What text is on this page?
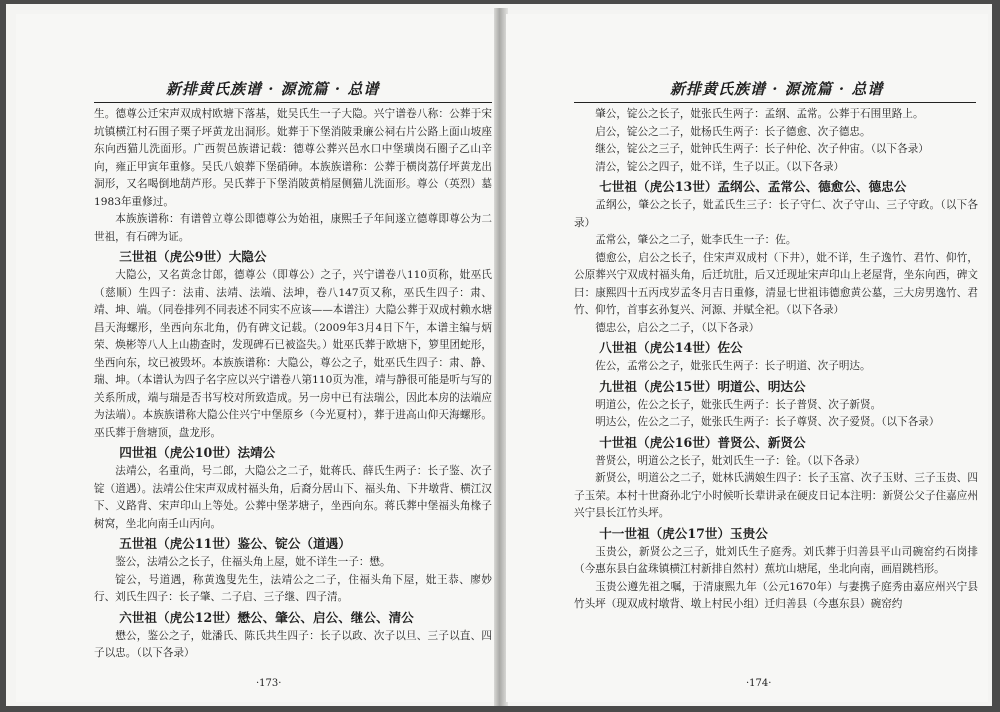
新排黄氏族谱 · 源流篇 · 总谱

生。德尊公迁宋声双成村欧塘下落基，妣吴氏生一子大隐。兴宁谱卷八称：公葬于宋坑镇横江村石围子栗子坪黄龙出洞形。妣葬于下堡消陂秉廉公祠右片公路上面山坡座东向西猫儿洗面形。广西贺邑族谱记载：德尊公葬兴邑水口中堡璜岗石圈子乙山辛向，雍正甲寅年重修。吴氏八娘葬下堡硝砷。本族族谱称：公葬于横岗荔仔坪黄龙出洞形，又名喝倒地葫芦形。吴氏葬于下堡消陂黄梢屋侧猫儿洗面形。尊公（英烈）墓1983年重修过。

本族族谱称：有谱曾立尊公即德尊公为始祖，康熙壬子年间遂立德尊即尊公为二世祖，有石碑为证。

三世祖（虎公9世）大隐公

大隐公，又名黄念廿郎，德尊公（即尊公）之子，兴宁谱卷八110页称，妣巫氏（慈顺）生四子：法甫、法靖、法端、法坤，卷八147页又称，巫氏生四子：肃、靖、坤、端。（同卷排列不同表述不同实不应该——本谱注）大隐公葬于双成村赖水塘昌天海螺形，坐西向东北角，仍有碑文记载。（2009年3月4日下午，本谱主编与炳荣、焕彬等八人上山勘查时，发现碑石已被盗失。）妣巫氏葬于欧塘下，箩里团蛇形，坐西向东，坟已被毁坏。本族族谱称：大隐公，尊公之子，妣巫氏生四子：肃、静、瑞、坤。（本谱认为四子名字应以兴宁谱卷八第110页为准，靖与静很可能是听与写的关系所成，端与瑞是否书写校对所致造成。另一房中已有法瑞公，因此本房的法端应为法端）。本族族谱称大隐公住兴宁中堡原乡（今光夏村），葬于进高山仰天海螺形。巫氏葬于詹塘顶，盘龙形。

四世祖（虎公10世）法靖公

法靖公，名重尚，号二郎，大隐公之二子，妣蒋氏、薛氏生两子：长子鉴、次子锭（道遇）。法靖公住宋声双成村福头角，后裔分居山下、福头角、下井墩背、横江汉下、义路背、宋声印山上等处。公葬中堡茅塘子，坐西向东。蒋氏葬中堡福头角椽子树窝，坐北向南壬山丙向。

五世祖（虎公11世）鉴公、锭公（道遇）

鉴公，法靖公之长子，住福头角上屋，妣不详生一子：懋。

锭公，号道遇，称黄逸叟先生，法靖公之二子，住福头角下屋，妣王恭、廖妙行、刘氏生四子：长子肇、二子启、三子继、四子清。

六世祖（虎公12世）懋公、肇公、启公、继公、清公

懋公，鉴公之子，妣潘氏、陈氏共生四子：长子以政、次子以旦、三子以直、四子以忠。（以下各录）

·173·
新排黄氏族谱 · 源流篇 · 总谱

肇公，锭公之长子，妣张氏生两子：孟纲、孟常。公葬于石围里路上。

启公，锭公之二子，妣杨氏生两子：长子德愈、次子德忠。

继公，锭公之三子，妣钟氏生两子：长子仲伦、次子仲宙。（以下各录）

清公，锭公之四子，妣不详，生子以正。（以下各录）

七世祖（虎公13世）孟纲公、孟常公、德愈公、德忠公

孟纲公，肇公之长子，妣孟氏生三子：长子守仁、次子守山、三子守政。（以下各录）

孟常公，肇公之二子，妣李氏生一子：佐。

德愈公，启公之长子，住宋声双成村（下井），妣不详，生子逸竹、君竹、仰竹，公原葬兴宁双成村福头角，后迁坑肚，后又迁现址宋声印山上老屋背，坐东向西，碑文曰：康熙四十五丙戌岁孟冬月吉日重修，清显七世祖讳德愈黄公墓，三大房男逸竹、君竹、仰竹，首事玄孙复兴、河源、并赋全祀。（以下各录）

德忠公，启公之二子，（以下各录）

八世祖（虎公14世）佐公

佐公，孟常公之子，妣张氏生两子：长子明道、次子明达。

九世祖（虎公15世）明道公、明达公

明道公，佐公之长子，妣张氏生两子：长子普贤、次子新贤。

明达公，佐公之二子，妣张氏生两子：长子尊贤、次子爱贤。（以下各录）

十世祖（虎公16世）普贤公、新贤公

普贤公，明道公之长子，妣刘氏生一子：铨。（以下各录）

新贤公，明道公之二子，妣林氏满娘生四子：长子玉富、次子玉财、三子玉贵、四子玉荣。本村十世裔孙北宁小时候听长辈讲录在硬皮日记本注明：新贤公父子住嘉应州兴宁县长江竹头坪。

十一世祖（虎公17世）玉贵公

玉贵公，新贤公之三子，妣刘氏生子庭秀。刘氏葬于归善县平山司碗窑约石岗排（今惠东县白盆珠镇横江村新排自然村）蕉坑山塘尾，坐北向南，画眉跳档形。

玉贵公遵先祖之嘱，于清康熙九年（公元1670年）与妻携子庭秀由嘉应州兴宁县竹头坪（现双成村墩背、墩上村民小组）迁归善县（今惠东县）碗窑约

·174·
